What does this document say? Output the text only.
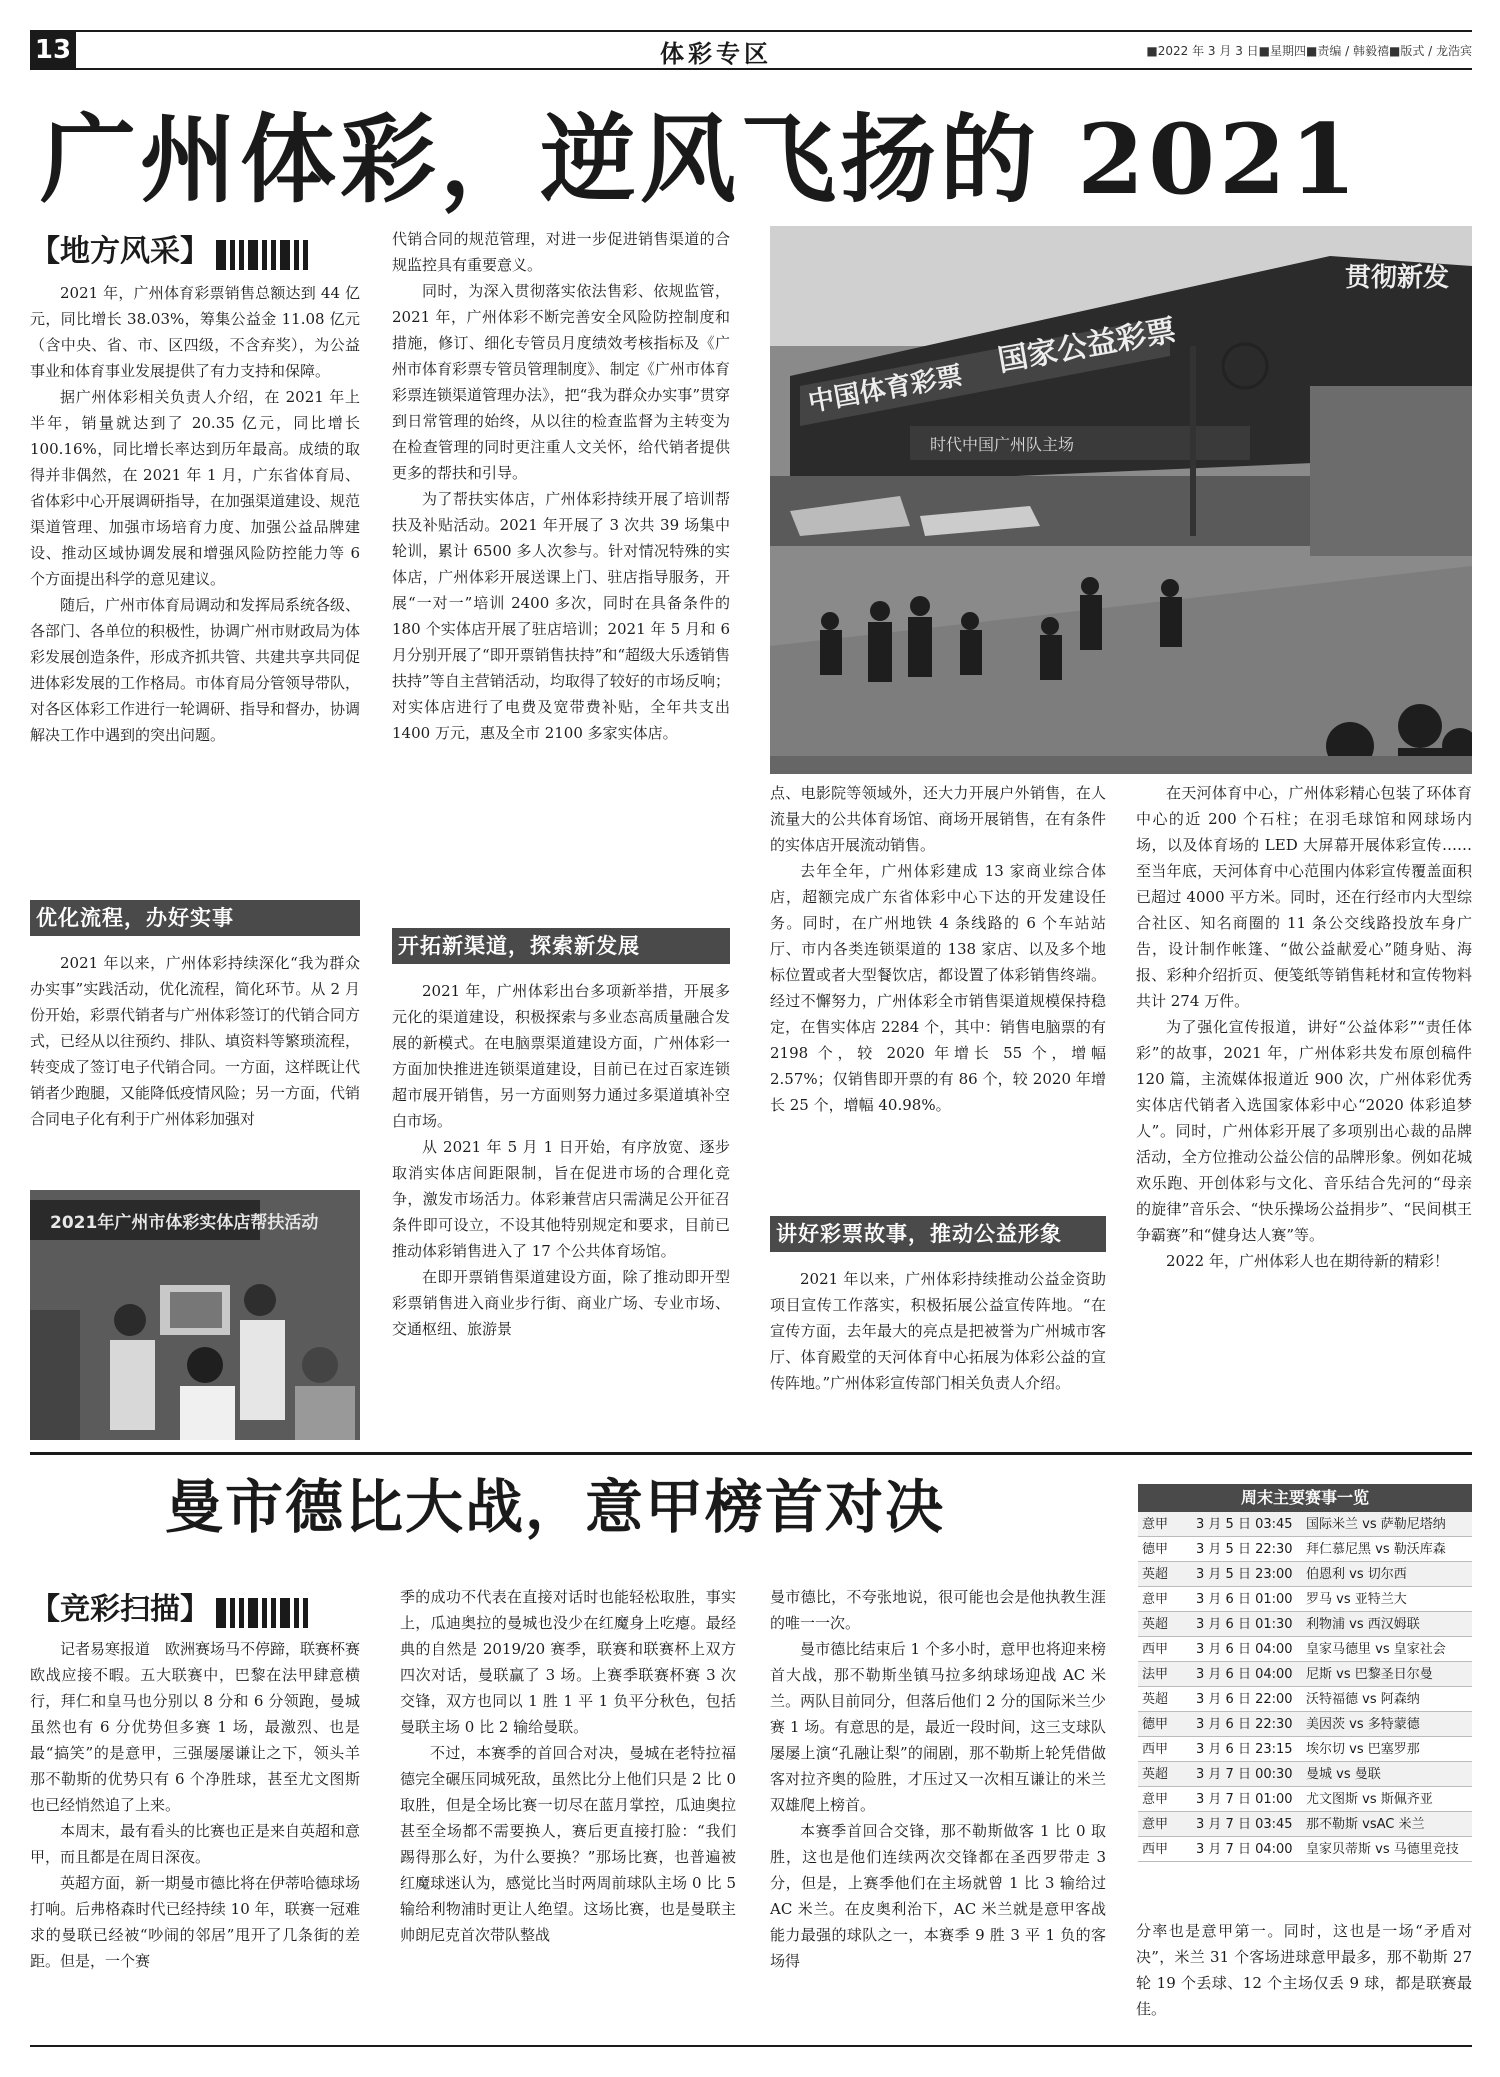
13	体彩专区	■2022 年 3 月 3 日■星期四■责编 / 韩毅禧■版式 / 龙浩宾
广州体彩，逆风飞扬的 2021
【地方风采】

2021 年，广州体育彩票销售总额达到 44 亿元，同比增长 38.03%，筹集公益金 11.08 亿元（含中央、省、市、区四级，不含弃奖），为公益事业和体育事业发展提供了有力支持和保障。

据广州体彩相关负责人介绍，在 2021 年上半年，销量就达到了 20.35 亿元，同比增长 100.16%，同比增长率达到历年最高。成绩的取得并非偶然，在 2021 年 1 月，广东省体育局、省体彩中心开展调研指导，在加强渠道建设、规范渠道管理、加强市场培育力度、加强公益品牌建设、推动区域协调发展和增强风险防控能力等 6 个方面提出科学的意见建议。

随后，广州市体育局调动和发挥局系统各级、各部门、各单位的积极性，协调广州市财政局为体彩发展创造条件，形成齐抓共管、共建共享共同促进体彩发展的工作格局。市体育局分管领导带队，对各区体彩工作进行一轮调研、指导和督办，协调解决工作中遇到的突出问题。

优化流程，办好实事

2021 年以来，广州体彩持续深化“我为群众办实事”实践活动，优化流程，简化环节。从 2 月份开始，彩票代销者与广州体彩签订的代销合同方式，已经从以往预约、排队、填资料等繁琐流程，转变成了签订电子代销合同。一方面，这样既让代销者少跑腿，又能降低疫情风险；另一方面，代销合同电子化有利于广州体彩加强对

2021年广州市体彩实体店帮扶活动

代销合同的规范管理，对进一步促进销售渠道的合规监控具有重要意义。

同时，为深入贯彻落实依法售彩、依规监管，2021 年，广州体彩不断完善安全风险防控制度和措施，修订、细化专管员月度绩效考核指标及《广州市体育彩票专管员管理制度》、制定《广州市体育彩票连锁渠道管理办法》，把“我为群众办实事”贯穿到日常管理的始终，从以往的检查监督为主转变为在检查管理的同时更注重人文关怀，给代销者提供更多的帮扶和引导。

为了帮扶实体店，广州体彩持续开展了培训帮扶及补贴活动。2021 年开展了 3 次共 39 场集中轮训，累计 6500 多人次参与。针对情况特殊的实体店，广州体彩开展送课上门、驻店指导服务，开展“一对一”培训 2400 多次，同时在具备条件的 180 个实体店开展了驻店培训；2021 年 5 月和 6 月分别开展了“即开票销售扶持”和“超级大乐透销售扶持”等自主营销活动，均取得了较好的市场反响；对实体店进行了电费及宽带费补贴，全年共支出 1400 万元，惠及全市 2100 多家实体店。

开拓新渠道，探索新发展

2021 年，广州体彩出台多项新举措，开展多元化的渠道建设，积极探索与多业态高质量融合发展的新模式。在电脑票渠道建设方面，广州体彩一方面加快推进连锁渠道建设，目前已在过百家连锁超市展开销售，另一方面则努力通过多渠道填补空白市场。

从 2021 年 5 月 1 日开始，有序放宽、逐步取消实体店间距限制，旨在促进市场的合理化竞争，激发市场活力。体彩兼营店只需满足公开征召条件即可设立，不设其他特别规定和要求，目前已推动体彩销售进入了 17 个公共体育场馆。

在即开票销售渠道建设方面，除了推动即开型彩票销售进入商业步行街、商业广场、专业市场、交通枢纽、旅游景

中国体育彩票
国家公益彩票
贯彻新发
时代中国广州队主场

点、电影院等领域外，还大力开展户外销售，在人流量大的公共体育场馆、商场开展销售，在有条件的实体店开展流动销售。

去年全年，广州体彩建成 13 家商业综合体店，超额完成广东省体彩中心下达的开发建设任务。同时，在广州地铁 4 条线路的 6 个车站站厅、市内各类连锁渠道的 138 家店、以及多个地标位置或者大型餐饮店，都设置了体彩销售终端。经过不懈努力，广州体彩全市销售渠道规模保持稳定，在售实体店 2284 个，其中：销售电脑票的有 2198 个，较 2020 年增长 55 个，增幅 2.57%；仅销售即开票的有 86 个，较 2020 年增长 25 个，增幅 40.98%。

讲好彩票故事，推动公益形象

2021 年以来，广州体彩持续推动公益金资助项目宣传工作落实，积极拓展公益宣传阵地。“在宣传方面，去年最大的亮点是把被誉为广州城市客厅、体育殿堂的天河体育中心拓展为体彩公益的宣传阵地。”广州体彩宣传部门相关负责人介绍。

在天河体育中心，广州体彩精心包装了环体育中心的近 200 个石柱；在羽毛球馆和网球场内场，以及体育场的 LED 大屏幕开展体彩宣传……至当年底，天河体育中心范围内体彩宣传覆盖面积已超过 4000 平方米。同时，还在行经市内大型综合社区、知名商圈的 11 条公交线路投放车身广告，设计制作帐篷、“做公益献爱心”随身贴、海报、彩种介绍折页、便笺纸等销售耗材和宣传物料共计 274 万件。

为了强化宣传报道，讲好“公益体彩”“责任体彩”的故事，2021 年，广州体彩共发布原创稿件 120 篇，主流媒体报道近 900 次，广州体彩优秀实体店代销者入选国家体彩中心“2020 体彩追梦人”。同时，广州体彩开展了多项别出心裁的品牌活动，全方位推动公益公信的品牌形象。例如花城欢乐跑、开创体彩与文化、音乐结合先河的“母亲的旋律”音乐会、“快乐操场公益捐步”、“民间棋王争霸赛”和“健身达人赛”等。

2022 年，广州体彩人也在期待新的精彩！

曼市德比大战，意甲榜首对决
【竞彩扫描】

记者易寒报道　欧洲赛场马不停蹄，联赛杯赛欧战应接不暇。五大联赛中，巴黎在法甲肆意横行，拜仁和皇马也分别以 8 分和 6 分领跑，曼城虽然也有 6 分优势但多赛 1 场，最激烈、也是最“搞笑”的是意甲，三强屡屡谦让之下，领头羊那不勒斯的优势只有 6 个净胜球，甚至尤文图斯也已经悄然追了上来。

本周末，最有看头的比赛也正是来自英超和意甲，而且都是在周日深夜。

英超方面，新一期曼市德比将在伊蒂哈德球场打响。后弗格森时代已经持续 10 年，联赛一冠难求的曼联已经被“吵闹的邻居”甩开了几条街的差距。但是，一个赛

季的成功不代表在直接对话时也能轻松取胜，事实上，瓜迪奥拉的曼城也没少在红魔身上吃瘪。最经典的自然是 2019/20 赛季，联赛和联赛杯上双方四次对话，曼联赢了 3 场。上赛季联赛杯赛 3 次交锋，双方也同以 1 胜 1 平 1 负平分秋色，包括曼联主场 0 比 2 输给曼联。

不过，本赛季的首回合对决，曼城在老特拉福德完全碾压同城死敌，虽然比分上他们只是 2 比 0 取胜，但是全场比赛一切尽在蓝月掌控，瓜迪奥拉甚至全场都不需要换人，赛后更直接打脸：“我们踢得那么好，为什么要换？”那场比赛，也普遍被红魔球迷认为，感觉比当时两周前球队主场 0 比 5 输给利物浦时更让人绝望。这场比赛，也是曼联主帅朗尼克首次带队整战

曼市德比，不夸张地说，很可能也会是他执教生涯的唯一一次。

曼市德比结束后 1 个多小时，意甲也将迎来榜首大战，那不勒斯坐镇马拉多纳球场迎战 AC 米兰。两队目前同分，但落后他们 2 分的国际米兰少赛 1 场。有意思的是，最近一段时间，这三支球队屡屡上演“孔融让梨”的闹剧，那不勒斯上轮凭借做客对拉齐奥的险胜，才压过又一次相互谦让的米兰双雄爬上榜首。

本赛季首回合交锋，那不勒斯做客 1 比 0 取胜，这也是他们连续两次交锋都在圣西罗带走 3 分，但是，上赛季他们在主场就曾 1 比 3 输给过 AC 米兰。在皮奥利治下，AC 米兰就是意甲客战能力最强的球队之一，本赛季 9 胜 3 平 1 负的客场得

周末主要赛事一览
意甲	3 月 5 日 03:45	国际米兰 vs 萨勒尼塔纳
德甲	3 月 5 日 22:30	拜仁慕尼黑 vs 勒沃库森
英超	3 月 5 日 23:00	伯恩利 vs 切尔西
意甲	3 月 6 日 01:00	罗马 vs 亚特兰大
英超	3 月 6 日 01:30	利物浦 vs 西汉姆联
西甲	3 月 6 日 04:00	皇家马德里 vs 皇家社会
法甲	3 月 6 日 04:00	尼斯 vs 巴黎圣日尔曼
英超	3 月 6 日 22:00	沃特福德 vs 阿森纳
德甲	3 月 6 日 22:30	美因茨 vs 多特蒙德
西甲	3 月 6 日 23:15	埃尔切 vs 巴塞罗那
英超	3 月 7 日 00:30	曼城 vs 曼联
意甲	3 月 7 日 01:00	尤文图斯 vs 斯佩齐亚
意甲	3 月 7 日 03:45	那不勒斯 vsAC 米兰
西甲	3 月 7 日 04:00	皇家贝蒂斯 vs 马德里竞技

分率也是意甲第一。同时，这也是一场“矛盾对决”，米兰 31 个客场进球意甲最多，那不勒斯 27 轮 19 个丢球、12 个主场仅丢 9 球，都是联赛最佳。
